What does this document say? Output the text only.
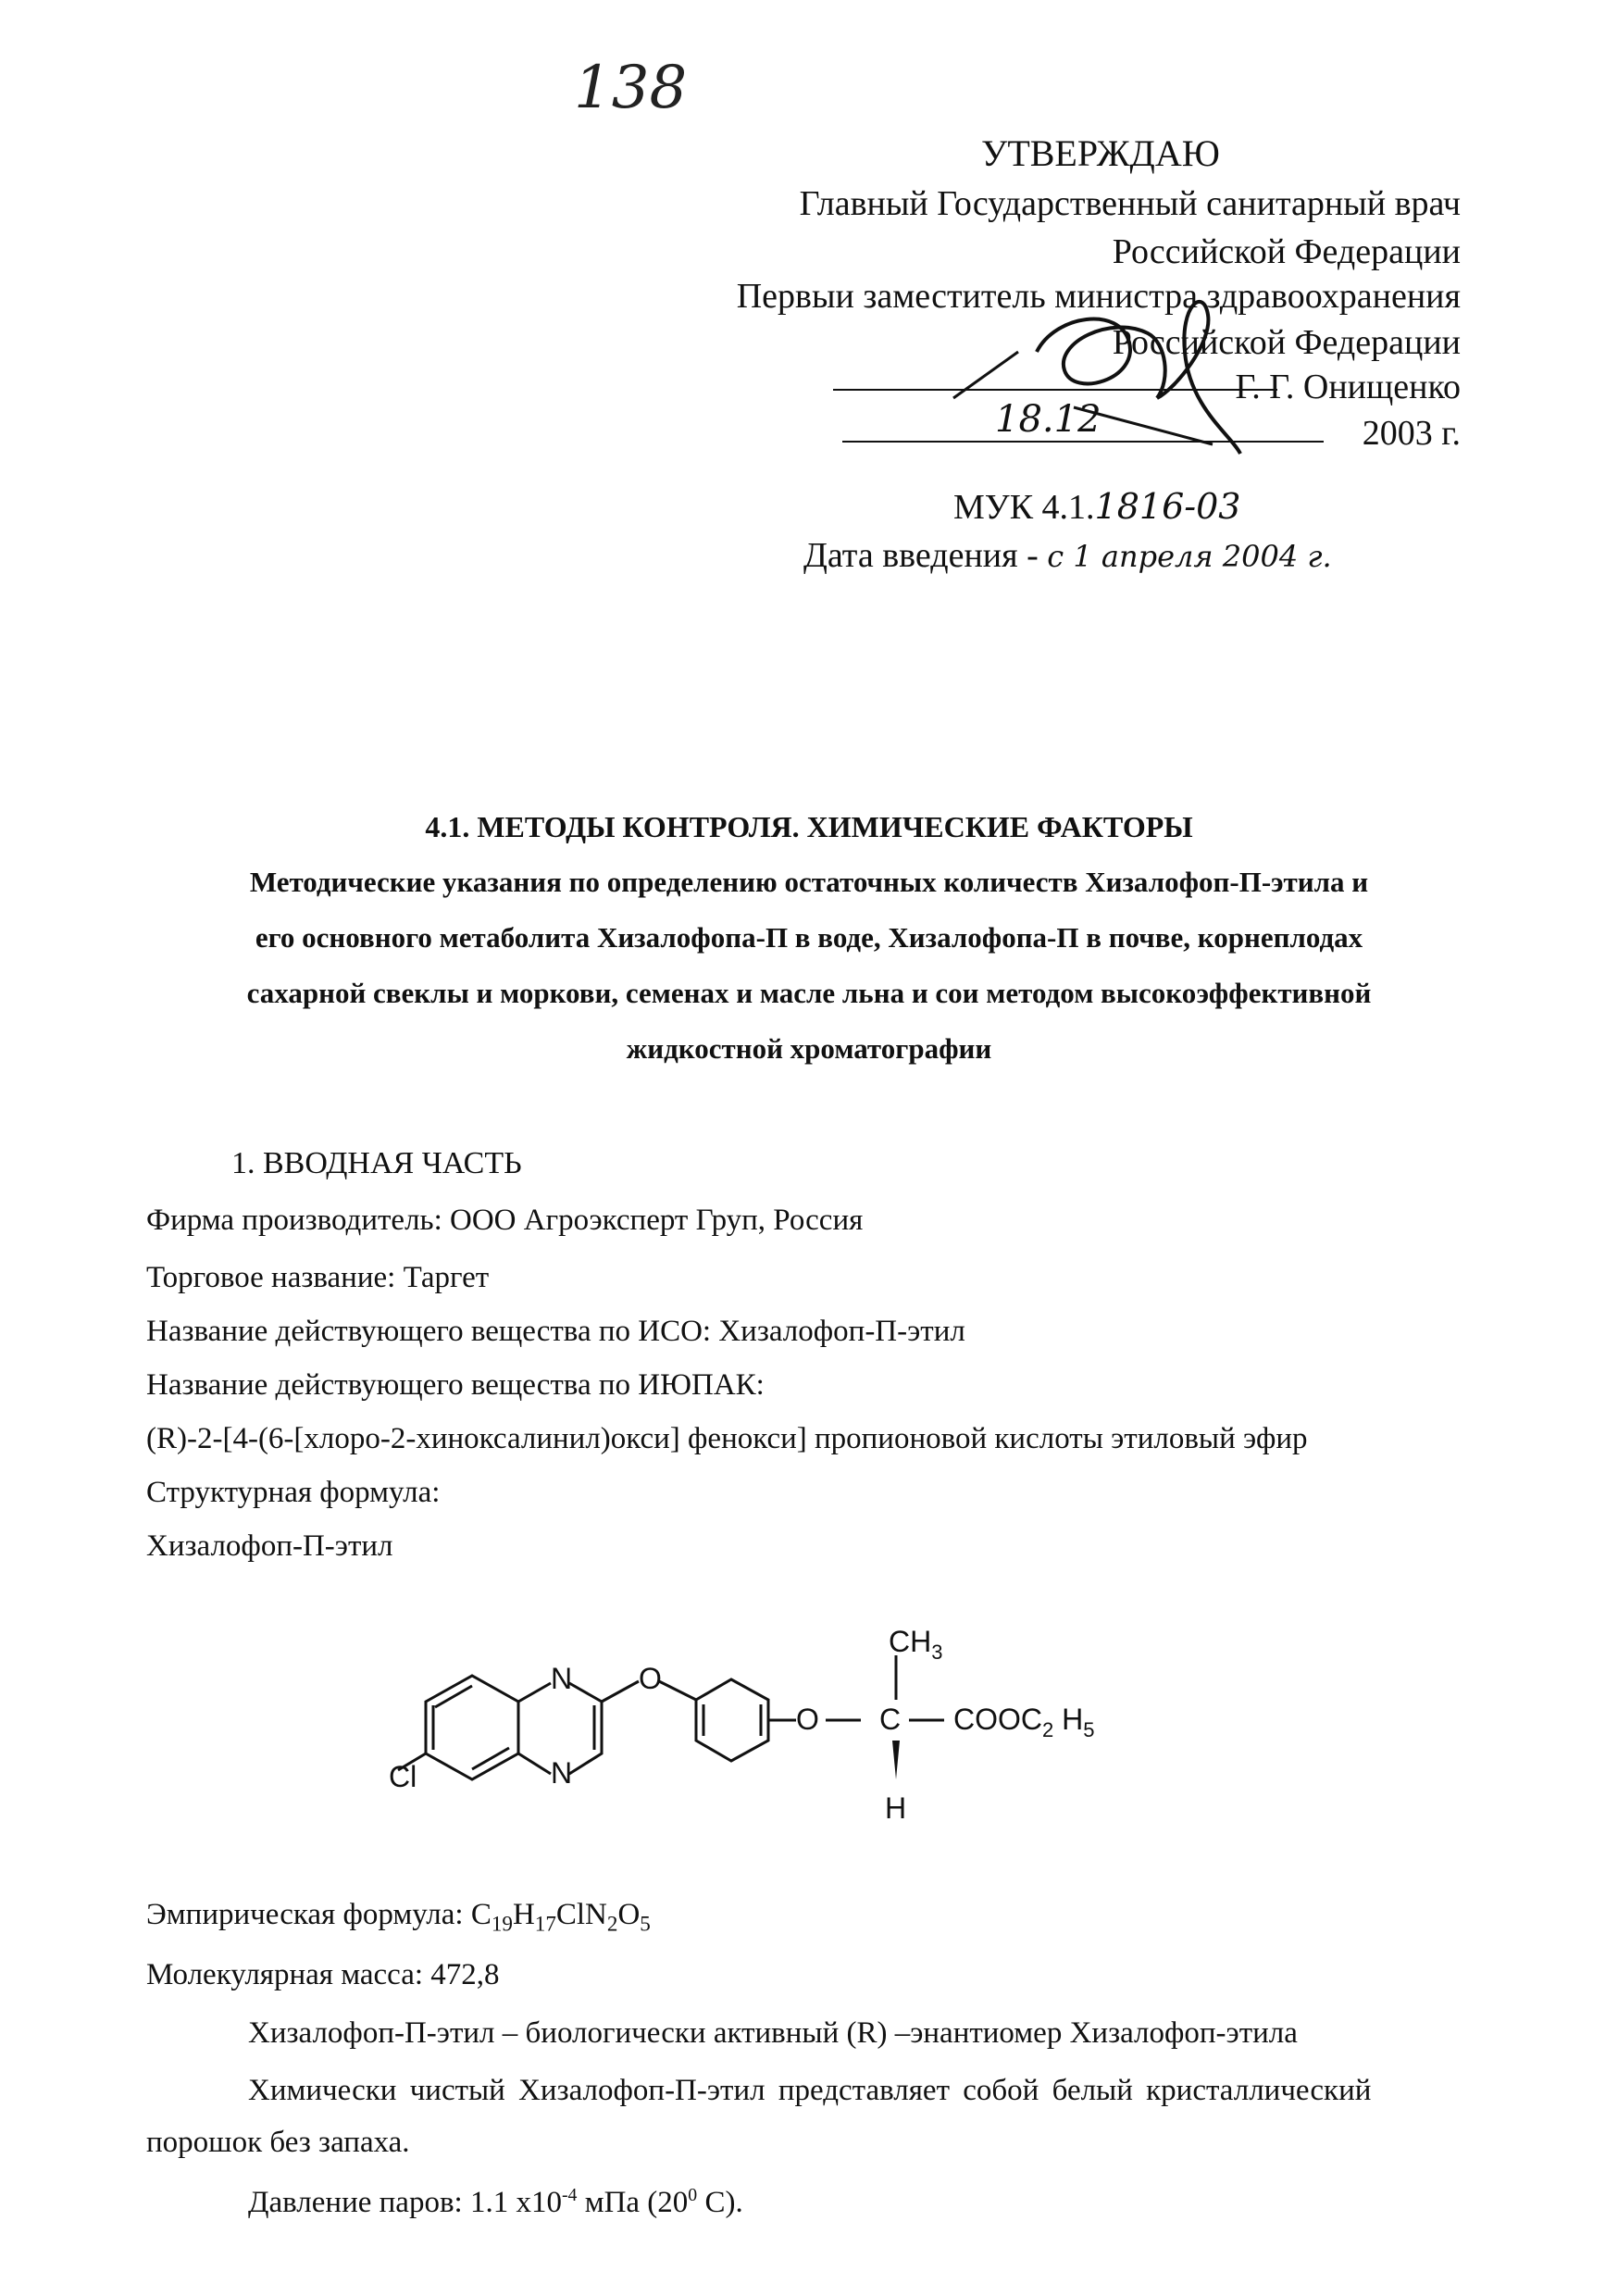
138
УТВЕРЖДАЮ
Главный Государственный санитарный врач
Российской Федерации
Первыи заместитель министра здравоохранения
Российской Федерации
Г. Г. Онищенко
2003 г.
18.12
МУК 4.1.1816-03
Дата введения - с 1 апреля 2004 г.
4.1. МЕТОДЫ КОНТРОЛЯ. ХИМИЧЕСКИЕ ФАКТОРЫ
Методические указания по определению остаточных количеств Хизалофоп-П-этила и
его основного метаболита Хизалофопа-П в воде, Хизалофопа-П в почве, корнеплодах
сахарной свеклы и моркови, семенах и масле льна и сои методом высокоэффективной
жидкостной хроматографии
1. ВВОДНАЯ ЧАСТЬ
Фирма производитель: ООО Агроэксперт Груп, Россия
Торговое название: Таргет
Название действующего вещества по ИСО: Хизалофоп-П-этил
Название действующего вещества по ИЮПАК:
(R)-2-[4-(6-[хлоро-2-хиноксалинил)окси] фенокси] пропионовой кислоты этиловый эфир
Структурная формула:
Хизалофоп-П-этил
Cl
N
N
O
O C
H
$CH_3$
$COOC_2$ $H_5$
Эмпирическая формула: $C_{19}H_{17}ClN_2O_5$
Молекулярная масса: 472,8
Хизалофоп-П-этил – биологически активный (R) –энантиомер Хизалофоп-этила
Химически чистый Хизалофоп-П-этил представляет собой белый кристаллический
порошок без запаха.
Давление паров: 1.1 $x10^{-4}$ мПа ($20^0$ С).
